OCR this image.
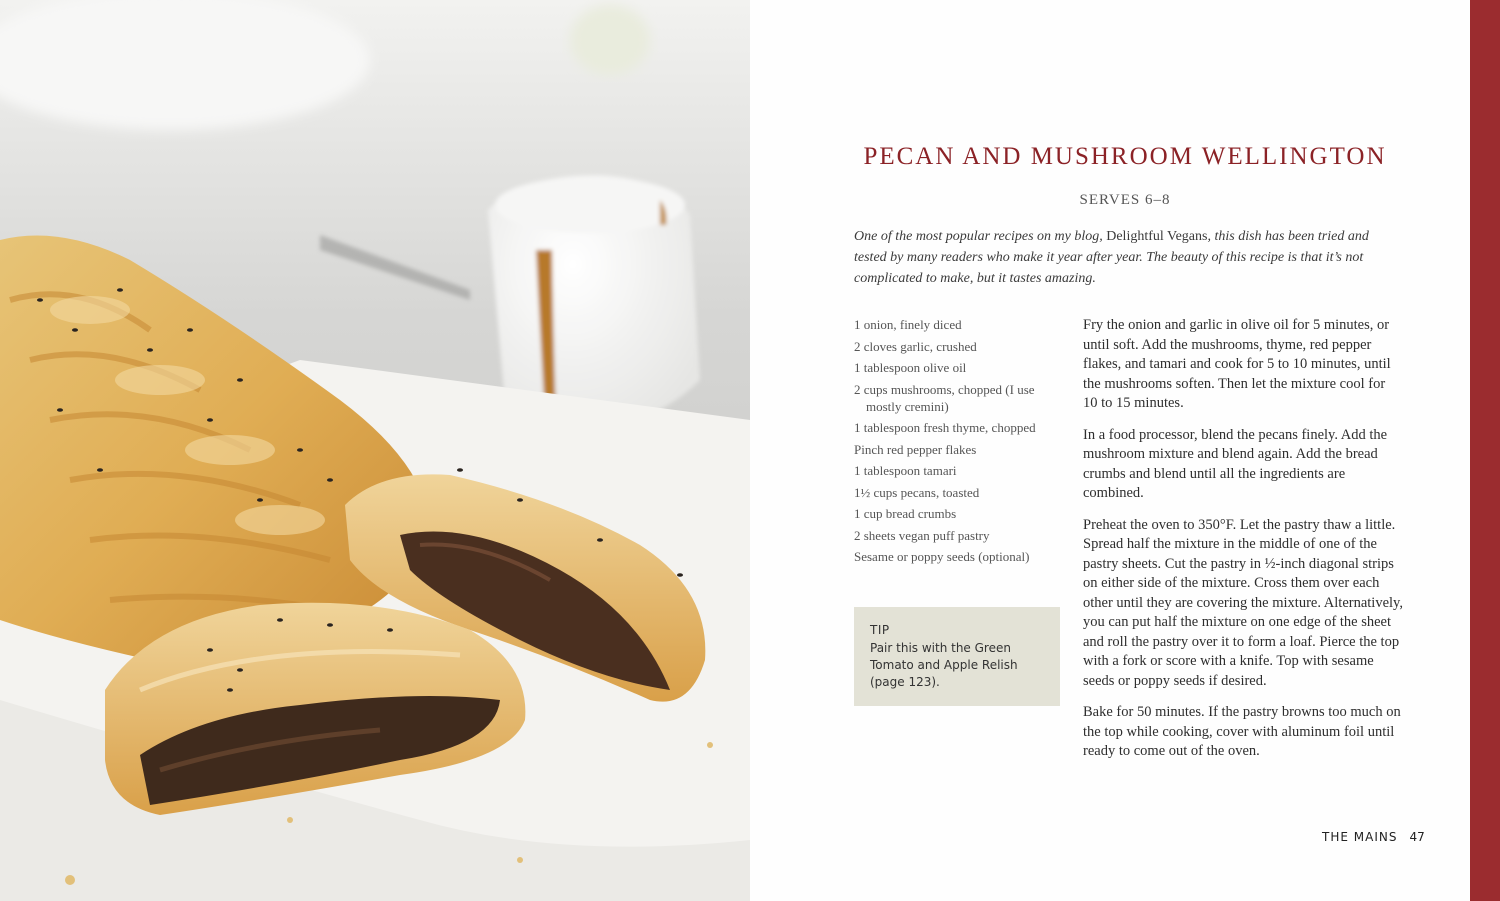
PECAN AND MUSHROOM WELLINGTON
SERVES 6–8

One of the most popular recipes on my blog, Delightful Vegans, this dish has been tried and tested by many readers who make it year after year. The beauty of this recipe is that it’s not complicated to make, but it tastes amazing.

1 onion, finely diced
2 cloves garlic, crushed
1 tablespoon olive oil
2 cups mushrooms, chopped (I use mostly cremini)
1 tablespoon fresh thyme, chopped
Pinch red pepper flakes
1 tablespoon tamari
1½ cups pecans, toasted
1 cup bread crumbs
2 sheets vegan puff pastry
Sesame or poppy seeds (optional)
TIP
Pair this with the Green Tomato and Apple Relish (page 123).

Fry the onion and garlic in olive oil for 5 minutes, or until soft. Add the mushrooms, thyme, red pepper flakes, and tamari and cook for 5 to 10 minutes, until the mushrooms soften. Then let the mixture cool for 10 to 15 minutes.

In a food processor, blend the pecans finely. Add the mushroom mixture and blend again. Add the bread crumbs and blend until all the ingredients are combined.

Preheat the oven to 350°F. Let the pastry thaw a little. Spread half the mixture in the middle of one of the pastry sheets. Cut the pastry in ½-inch diagonal strips on either side of the mixture. Cross them over each other until they are covering the mixture. Alternatively, you can put half the mixture on one edge of the sheet and roll the pastry over it to form a loaf. Pierce the top with a fork or score with a knife. Top with sesame seeds or poppy seeds if desired.

Bake for 50 minutes. If the pastry browns too much on the top while cooking, cover with aluminum foil until ready to come out of the oven.

THE MAINS 47
